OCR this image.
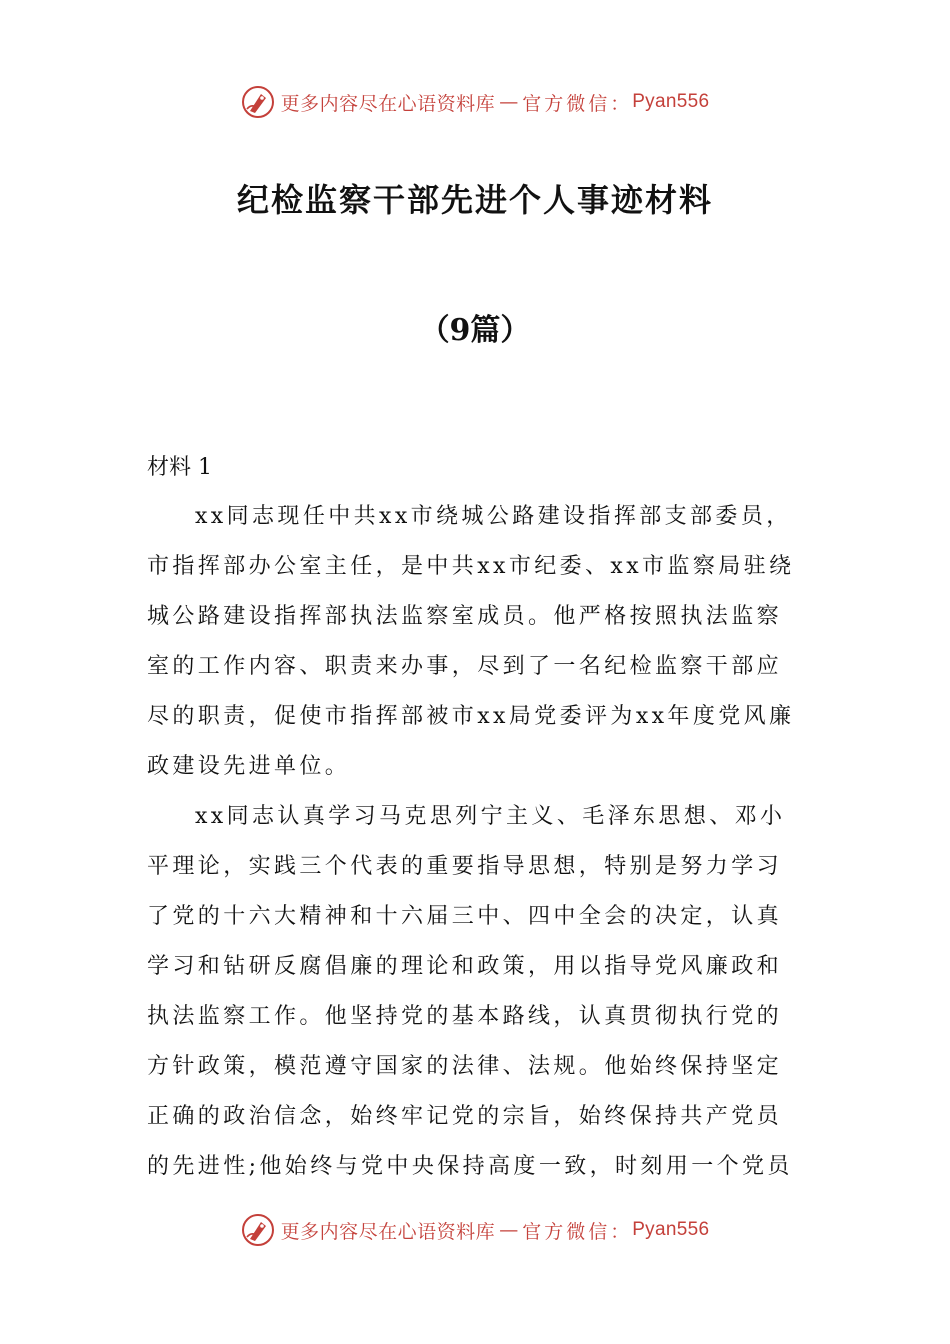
更多内容尽在心语资料库 — 官方微信： Pyan556
纪检监察干部先进个人事迹材料
（9篇）
材料 1

xx同志现任中共xx市绕城公路建设指挥部支部委员，
市指挥部办公室主任，是中共xx市纪委、xx市监察局驻绕
城公路建设指挥部执法监察室成员。他严格按照执法监察
室的工作内容、职责来办事，尽到了一名纪检监察干部应
尽的职责，促使市指挥部被市xx局党委评为xx年度党风廉
政建设先进单位。

xx同志认真学习马克思列宁主义、毛泽东思想、邓小
平理论，实践三个代表的重要指导思想，特别是努力学习
了党的十六大精神和十六届三中、四中全会的决定，认真
学习和钻研反腐倡廉的理论和政策，用以指导党风廉政和
执法监察工作。他坚持党的基本路线，认真贯彻执行党的
方针政策，模范遵守国家的法律、法规。他始终保持坚定
正确的政治信念，始终牢记党的宗旨，始终保持共产党员
的先进性;他始终与党中央保持高度一致，时刻用一个党员

更多内容尽在心语资料库 — 官方微信： Pyan556
